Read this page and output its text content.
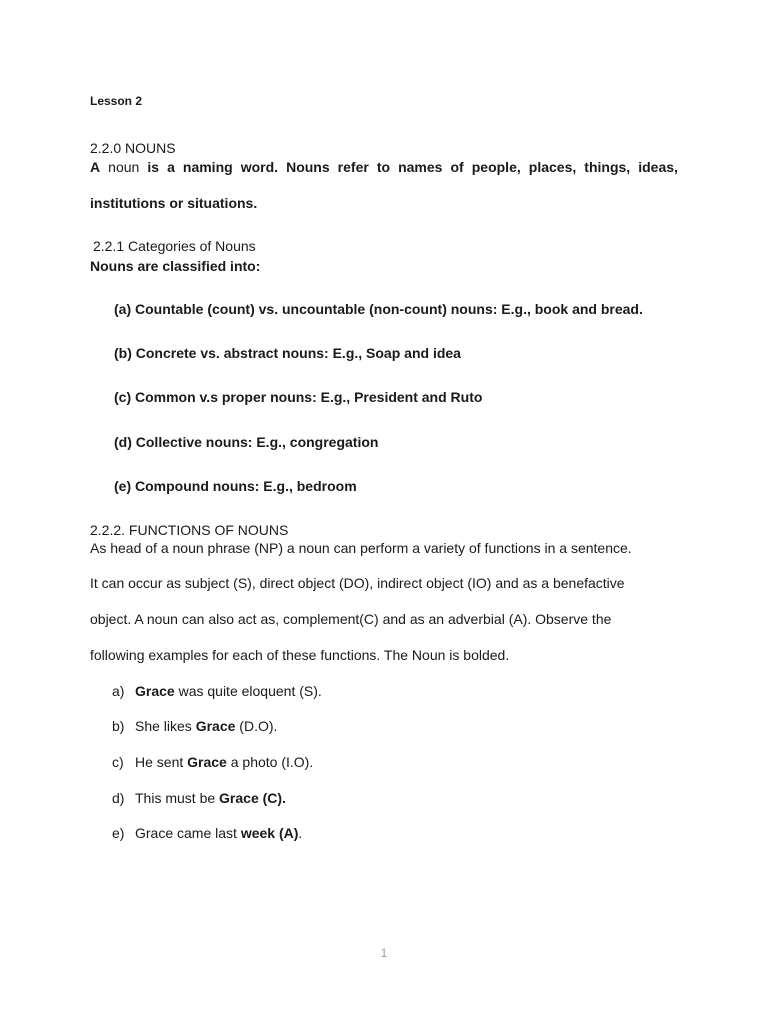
Lesson 2
2.2.0 NOUNS
A noun is a naming word. Nouns refer to names of people, places, things, ideas,
institutions or situations.
2.2.1 Categories of Nouns
Nouns are classified into:
(a) Countable (count) vs. uncountable (non-count) nouns: E.g., book and bread.
(b) Concrete vs. abstract nouns: E.g., Soap and idea
(c) Common v.s proper nouns: E.g., President and Ruto
(d) Collective nouns: E.g., congregation
(e) Compound nouns: E.g., bedroom
2.2.2. FUNCTIONS OF NOUNS
As head of a noun phrase (NP) a noun can perform a variety of functions in a sentence.
It can occur as subject (S), direct object (DO), indirect object (IO) and as a benefactive
object. A noun can also act as, complement(C) and as an adverbial (A). Observe the
following examples for each of these functions. The Noun is bolded.
a) Grace was quite eloquent (S).
b) She likes Grace (D.O).
c) He sent Grace a photo (I.O).
d) This must be Grace (C).
e) Grace came last week (A).
1
